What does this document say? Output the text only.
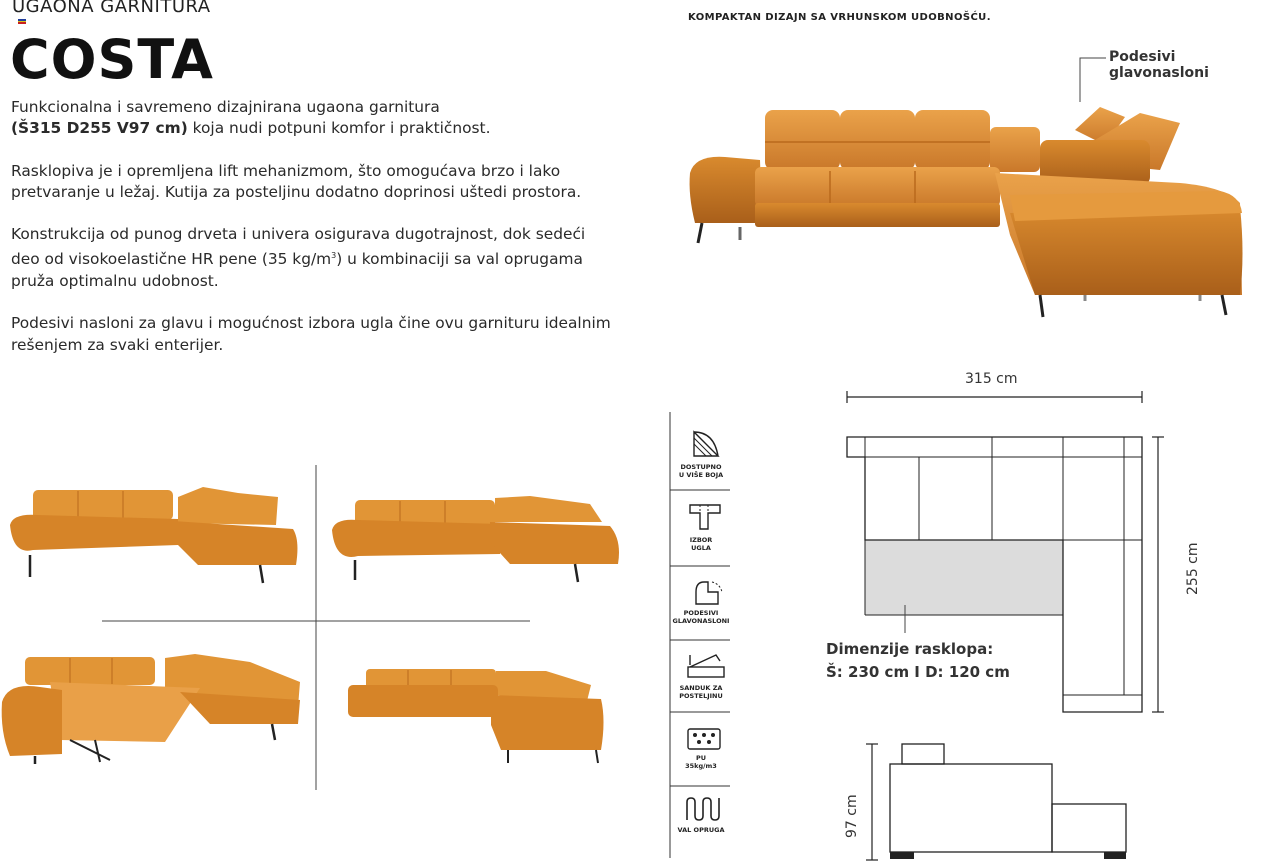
UGAONA GARNITURA
COSTA

Funkcionalna i savremeno dizajnirana ugaona garnitura
(Š315 D255 V97 cm) koja nudi potpuni komfor i praktičnost.

Rasklopiva je i opremljena lift mehanizmom, što omogućava brzo i lako pretvaranje u ležaj. Kutija za posteljinu dodatno doprinosi uštedi prostora.

Konstrukcija od punog drveta i univera osigurava dugotrajnost, dok sedeći deo od visokoelastične HR pene (35 $kg/m^3$) u kombinaciji sa val oprugama pruža optimalnu udobnost.

Podesivi nasloni za glavu i mogućnost izbora ugla čine ovu garnituru idealnim rešenjem za svaki enterijer.

KOMPAKTAN DIZAJN SA VRHUNSKOM UDOBNOŠĆU.
Podesivi glavonasloni
DOSTUPNO
U VIŠE BOJA
IZBOR
UGLA
PODESIVI
GLAVONASLONI
SANDUK ZA
POSTELJINU
PU
35kg/m3
VAL OPRUGA
315 cm
255 cm
Dimenzije rasklopa:
Š: 230 cm I D: 120 cm
97 cm
